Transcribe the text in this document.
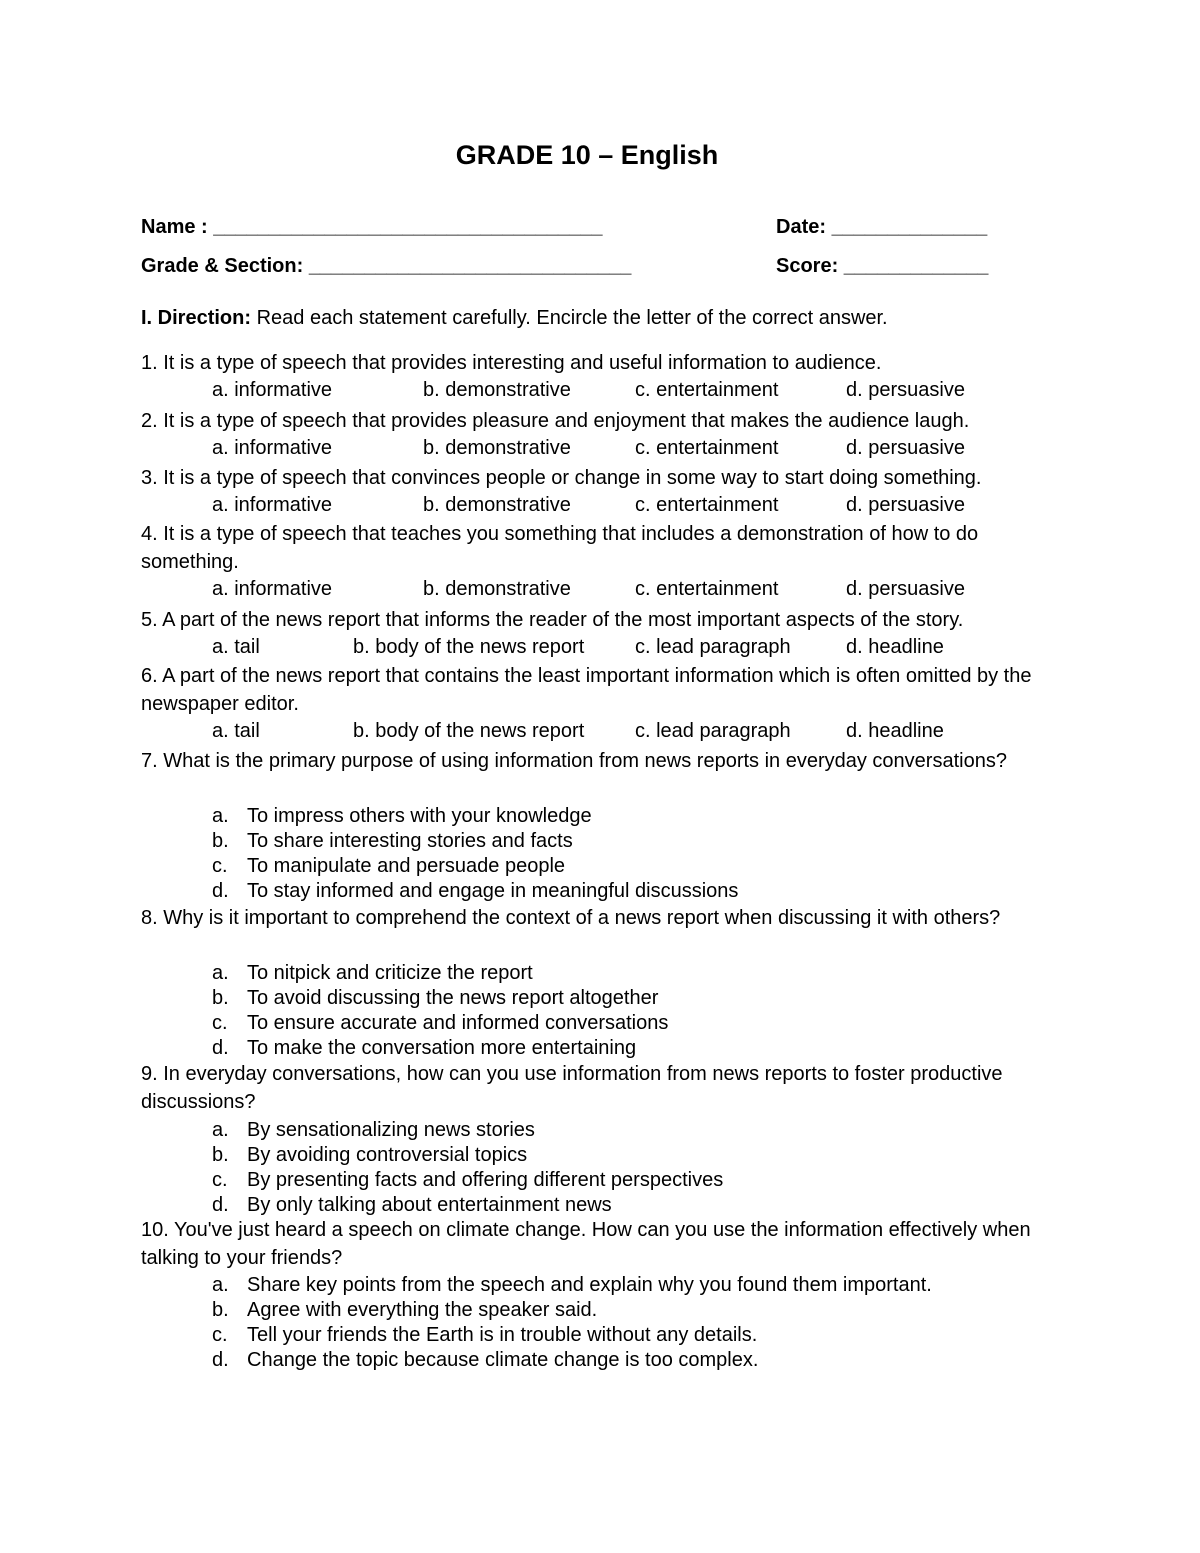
GRADE 10 – English
Name : ___________________________________	Date: ______________
Grade & Section: _____________________________	Score: _____________
I. Direction: Read each statement carefully. Encircle the letter of the correct answer.
1. It is a type of speech that provides interesting and useful information to audience.
a. informative	b. demonstrative	c. entertainment	d. persuasive
2. It is a type of speech that provides pleasure and enjoyment that makes the audience laugh.
a. informative	b. demonstrative	c. entertainment	d. persuasive
3. It is a type of speech that convinces people or change in some way to start doing something.
a. informative	b. demonstrative	c. entertainment	d. persuasive
4. It is a type of speech that teaches you something that includes a demonstration of how to do something.
a. informative	b. demonstrative	c. entertainment	d. persuasive
5. A part of the news report that informs the reader of the most important aspects of the story.
a. tail	b. body of the news report	c. lead paragraph	d. headline
6. A part of the news report that contains the least important information which is often omitted by the newspaper editor.
a. tail	b. body of the news report	c. lead paragraph	d. headline
7. What is the primary purpose of using information from news reports in everyday conversations?
a. To impress others with your knowledge
b. To share interesting stories and facts
c. To manipulate and persuade people
d. To stay informed and engage in meaningful discussions
8. Why is it important to comprehend the context of a news report when discussing it with others?
a. To nitpick and criticize the report
b. To avoid discussing the news report altogether
c. To ensure accurate and informed conversations
d. To make the conversation more entertaining
9. In everyday conversations, how can you use information from news reports to foster productive discussions?
a. By sensationalizing news stories
b. By avoiding controversial topics
c. By presenting facts and offering different perspectives
d. By only talking about entertainment news
10. You've just heard a speech on climate change. How can you use the information effectively when talking to your friends?
a. Share key points from the speech and explain why you found them important.
b. Agree with everything the speaker said.
c. Tell your friends the Earth is in trouble without any details.
d. Change the topic because climate change is too complex.
